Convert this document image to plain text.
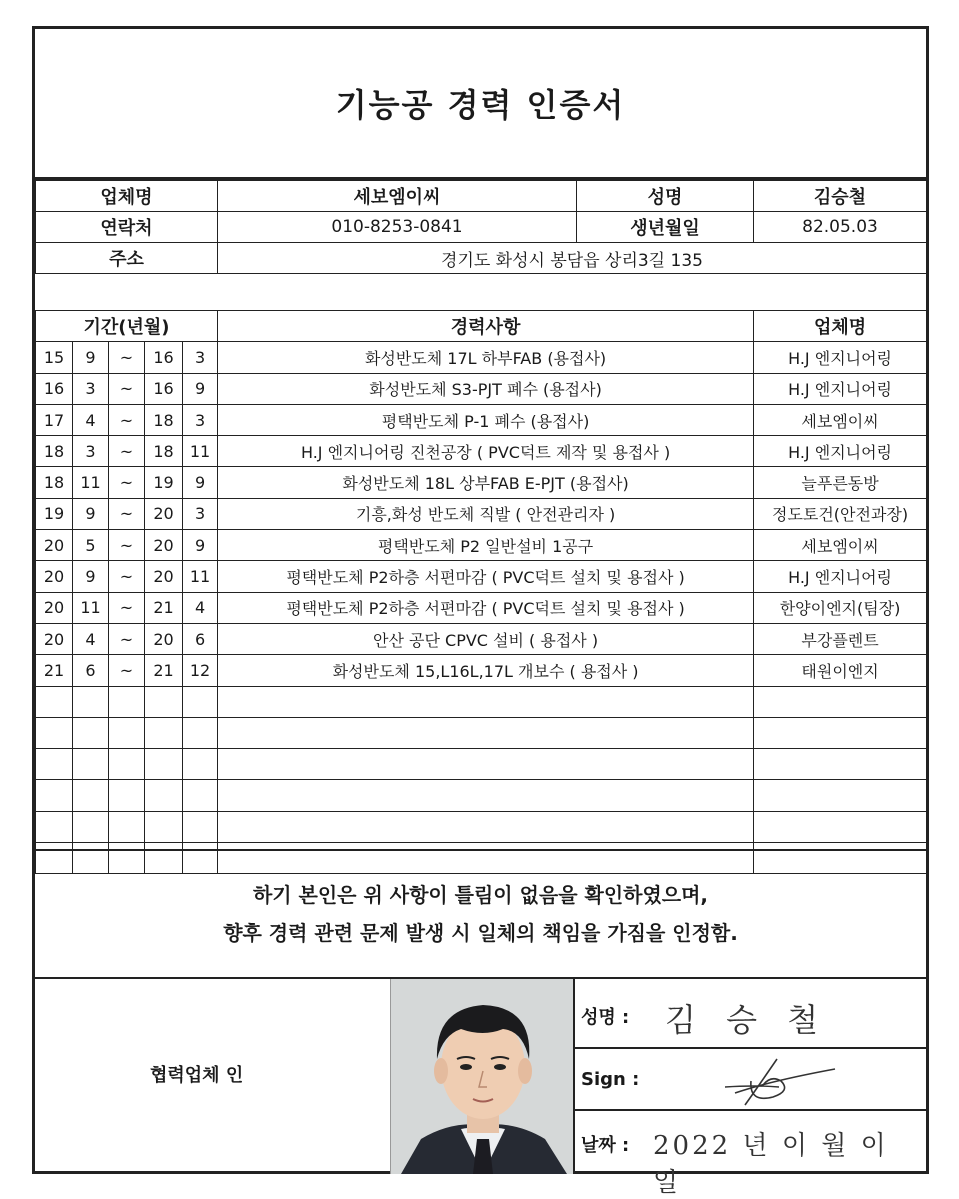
기능공 경력 인증서
업체명	세보엠이씨	성명	김승철
연락처	010-8253-0841	생년월일	82.05.03
주소	경기도 화성시 봉담읍 상리3길 135		
기간(년월)					경력사항	업체명
15	9	~	16	3	화성반도체 17L 하부FAB (용접사)	H.J 엔지니어링
16	3	~	16	9	화성반도체 S3-PJT 폐수 (용접사)	H.J 엔지니어링
17	4	~	18	3	평택반도체 P-1 폐수 (용접사)	세보엠이씨
18	3	~	18	11	H.J 엔지니어링 진천공장 ( PVC덕트 제작 및 용접사 )	H.J 엔지니어링
18	11	~	19	9	화성반도체 18L 상부FAB E-PJT (용접사)	늘푸른동방
19	9	~	20	3	기흥,화성 반도체 직발 ( 안전관리자 )	정도토건(안전과장)
20	5	~	20	9	평택반도체 P2 일반설비 1공구	세보엠이씨
20	9	~	20	11	평택반도체 P2하층 서편마감 ( PVC덕트 설치 및 용접사 )	H.J 엔지니어링
20	11	~	21	4	평택반도체 P2하층 서편마감 ( PVC덕트 설치 및 용접사 )	한양이엔지(팀장)
20	4	~	20	6	안산 공단 CPVC 설비 ( 용접사 )	부강플렌트
21	6	~	21	12	화성반도체 15,L16L,17L 개보수 ( 용접사 )	태원이엔지

하기 본인은 위 사항이 틀림이 없음을 확인하였으며,
향후 경력 관련 문제 발생 시 일체의 책임을 가짐을 인정함.
협력업체 인
성명 : 김 승 철
Sign :
날짜 : 2022 년 이 월 이 일
